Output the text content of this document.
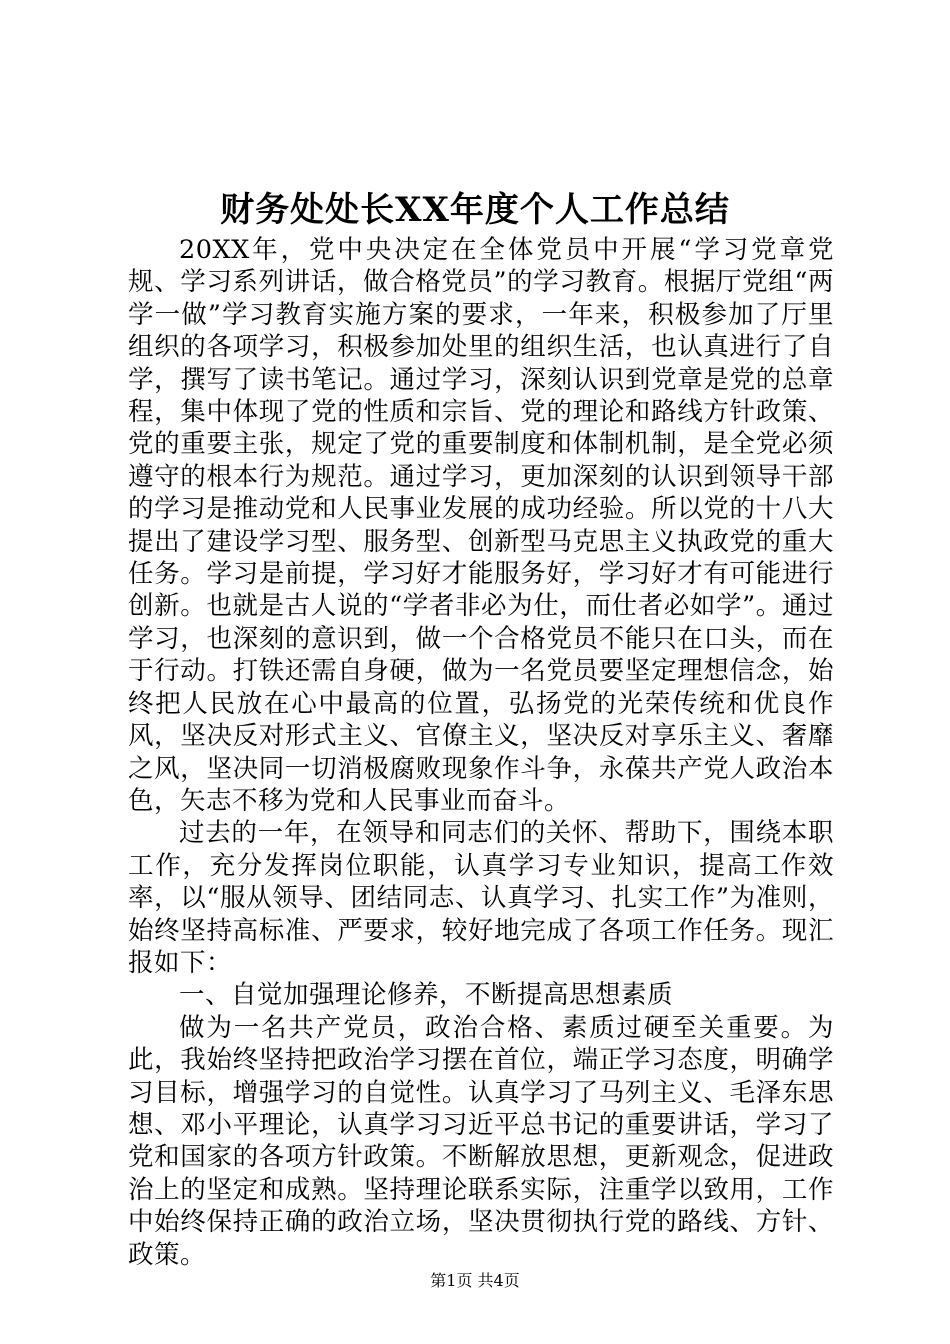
财务处处长XX年度个人工作总结

20XX年，党中央决定在全体党员中开展“学习党章党规、学习系列讲话，做合格党员”的学习教育。根据厅党组“两学一做”学习教育实施方案的要求，一年来，积极参加了厅里组织的各项学习，积极参加处里的组织生活，也认真进行了自学，撰写了读书笔记。通过学习，深刻认识到党章是党的总章程，集中体现了党的性质和宗旨、党的理论和路线方针政策、党的重要主张，规定了党的重要制度和体制机制，是全党必须遵守的根本行为规范。通过学习，更加深刻的认识到领导干部的学习是推动党和人民事业发展的成功经验。所以党的十八大提出了建设学习型、服务型、创新型马克思主义执政党的重大任务。学习是前提，学习好才能服务好，学习好才有可能进行创新。也就是古人说的“学者非必为仕，而仕者必如学”。通过学习，也深刻的意识到，做一个合格党员不能只在口头，而在于行动。打铁还需自身硬，做为一名党员要坚定理想信念，始终把人民放在心中最高的位置，弘扬党的光荣传统和优良作风，坚决反对形式主义、官僚主义，坚决反对享乐主义、奢靡之风，坚决同一切消极腐败现象作斗争，永葆共产党人政治本色，矢志不移为党和人民事业而奋斗。

过去的一年，在领导和同志们的关怀、帮助下，围绕本职工作，充分发挥岗位职能，认真学习专业知识，提高工作效率，以“服从领导、团结同志、认真学习、扎实工作”为准则，始终坚持高标准、严要求，较好地完成了各项工作任务。现汇报如下：

一、自觉加强理论修养，不断提高思想素质

做为一名共产党员，政治合格、素质过硬至关重要。为此，我始终坚持把政治学习摆在首位，端正学习态度，明确学习目标，增强学习的自觉性。认真学习了马列主义、毛泽东思想、邓小平理论，认真学习习近平总书记的重要讲话，学习了党和国家的各项方针政策。不断解放思想，更新观念，促进政治上的坚定和成熟。坚持理论联系实际，注重学以致用，工作中始终保持正确的政治立场，坚决贯彻执行党的路线、方针、政策。

第1页 共4页
